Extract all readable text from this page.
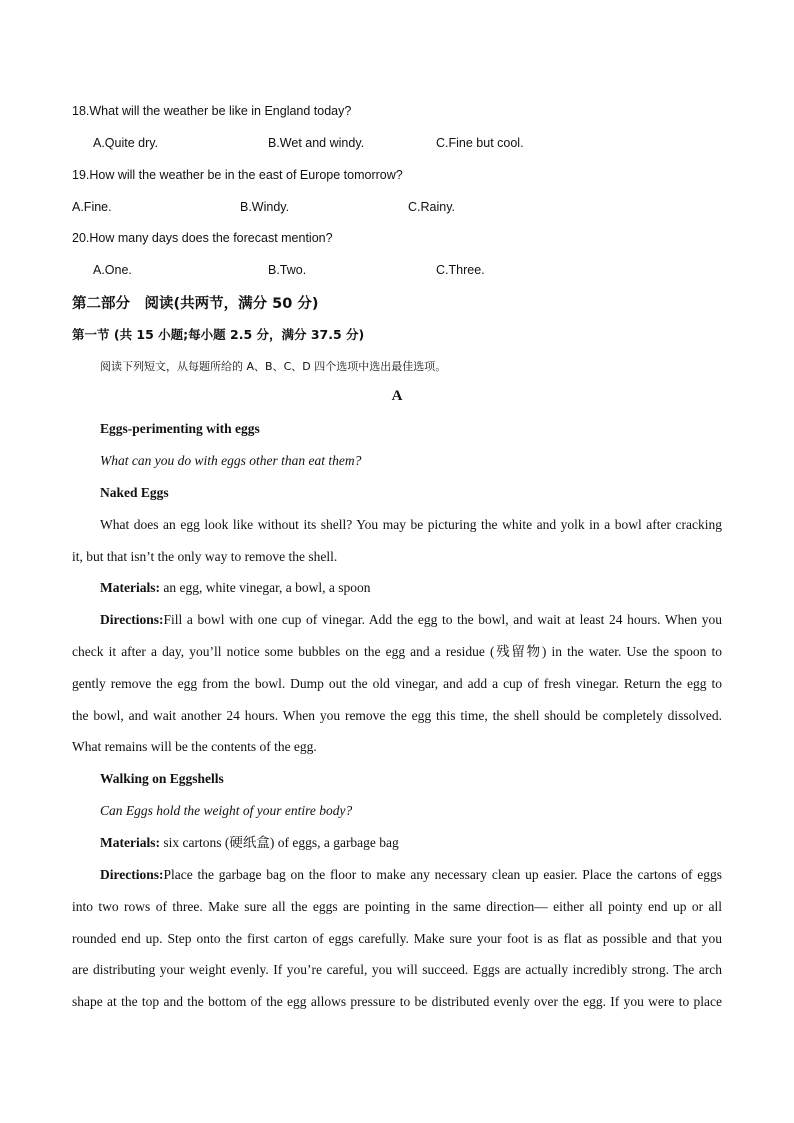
18.What will the weather be like in England today?
A.Quite dry.	B.Wet and windy.	C.Fine but cool.
19.How will the weather be in the east of Europe tomorrow?
A.Fine.	B.Windy.	C.Rainy.
20.How many days does the forecast mention?
A.One.	B.Two.	C.Three.
第二部分　阅读(共两节，满分 50 分)
第一节 (共 15 小题;每小题 2.5 分，满分 37.5 分)
阅读下列短文，从每题所给的 A、B、C、D 四个选项中选出最佳选项。
A
Eggs-perimenting with eggs
What can you do with eggs other than eat them?
Naked Eggs
What does an egg look like without its shell? You may be picturing the white and yolk in a bowl after cracking
it, but that isn’t the only way to remove the shell.
Materials: an egg, white vinegar, a bowl, a spoon
Directions:Fill a bowl with one cup of vinegar. Add the egg to the bowl, and wait at least 24 hours. When you
check it after a day, you’ll notice some bubbles on the egg and a residue (残留物) in the water. Use the spoon to
gently remove the egg from the bowl. Dump out the old vinegar, and add a cup of fresh vinegar. Return the egg to
the bowl, and wait another 24 hours. When you remove the egg this time, the shell should be completely dissolved.
What remains will be the contents of the egg.
Walking on Eggshells
Can Eggs hold the weight of your entire body?
Materials: six cartons (硬纸盒) of eggs, a garbage bag
Directions:Place the garbage bag on the floor to make any necessary clean up easier. Place the cartons of eggs
into two rows of three. Make sure all the eggs are pointing in the same direction— either all pointy end up or all
rounded end up. Step onto the first carton of eggs carefully. Make sure your foot is as flat as possible and that you
are distributing your weight evenly. If you’re careful, you will succeed. Eggs are actually incredibly strong. The arch
shape at the top and the bottom of the egg allows pressure to be distributed evenly over the egg. If you were to place
